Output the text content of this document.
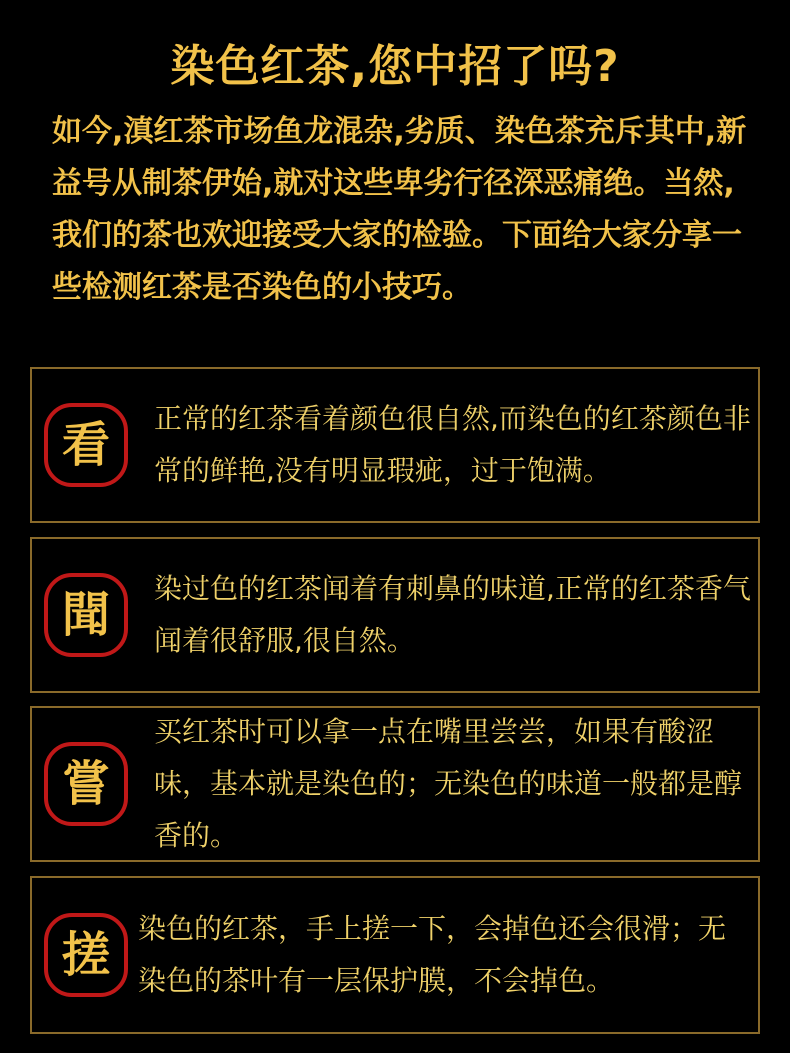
染色红茶,您中招了吗?
如今,滇红茶市场鱼龙混杂,劣质、染色茶充斥其中,新益号从制茶伊始,就对这些卑劣行径深恶痛绝。当然,我们的茶也欢迎接受大家的检验。下面给大家分享一些检测红茶是否染色的小技巧。
看	正常的红茶看着颜色很自然,而染色的红茶颜色非常的鲜艳,没有明显瑕疵，过于饱满。
聞	染过色的红茶闻着有刺鼻的味道,正常的红茶香气闻着很舒服,很自然。
嘗
买红茶时可以拿一点在嘴里尝尝，如果有酸涩味，基本就是染色的；无染色的味道一般都是醇香的。
搓	染色的红茶，手上搓一下，会掉色还会很滑；无染色的茶叶有一层保护膜，不会掉色。
